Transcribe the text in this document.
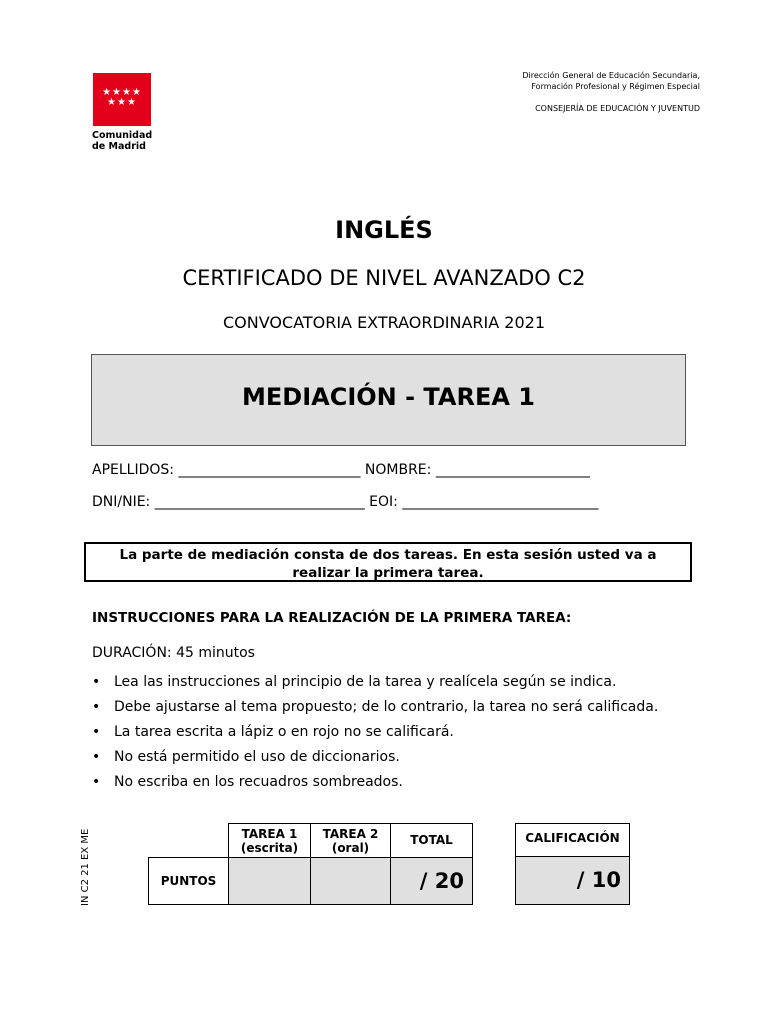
★★★★
★★★
Comunidad
de Madrid
Dirección General de Educación Secundaria,
Formación Profesional y Régimen Especial
CONSEJERÍA DE EDUCACIÓN Y JUVENTUD
INGLÉS
CERTIFICADO DE NIVEL AVANZADO C2
CONVOCATORIA EXTRAORDINARIA 2021
MEDIACIÓN - TAREA 1
APELLIDOS: __________________________ NOMBRE: ______________________
DNI/NIE: ______________________________ EOI: ____________________________
La parte de mediación consta de dos tareas. En esta sesión usted va a
realizar la primera tarea.
INSTRUCCIONES PARA LA REALIZACIÓN DE LA PRIMERA TAREA:
DURACIÓN: 45 minutos
• Lea las instrucciones al principio de la tarea y realícela según se indica.
• Debe ajustarse al tema propuesto; de lo contrario, la tarea no será calificada.
• La tarea escrita a lápiz o en rojo no se calificará.
• No está permitido el uso de diccionarios.
• No escriba en los recuadros sombreados.
IN C2 21 EX ME	TAREA 1
(escrita)
TAREA 2
(oral)
TOTAL
PUNTOS	/ 20
CALIFICACIÓN
/ 10
